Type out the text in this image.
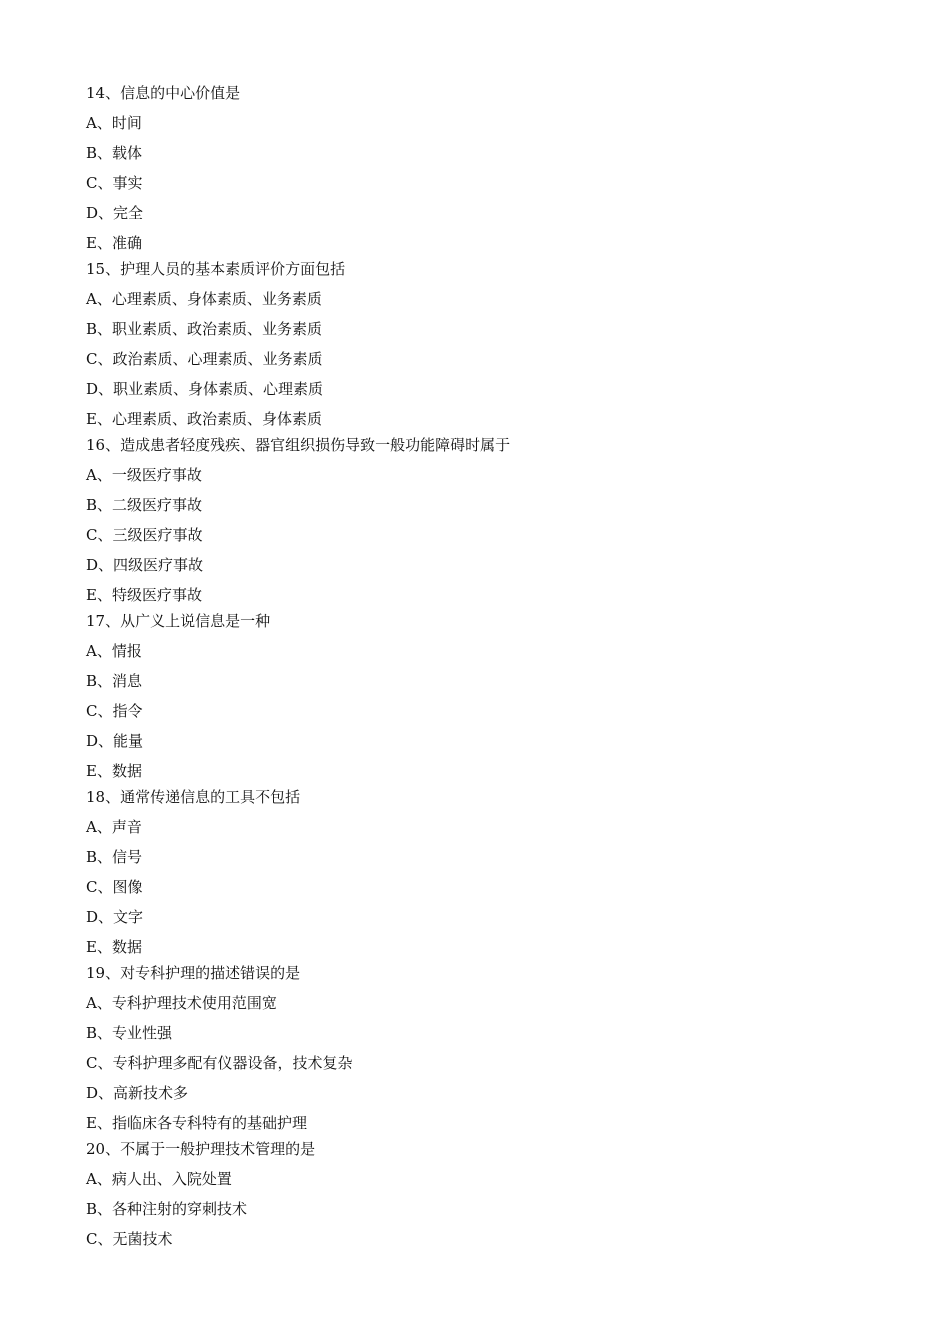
14、信息的中心价值是
A、时间
B、载体
C、事实
D、完全
E、准确
15、护理人员的基本素质评价方面包括
A、心理素质、身体素质、业务素质
B、职业素质、政治素质、业务素质
C、政治素质、心理素质、业务素质
D、职业素质、身体素质、心理素质
E、心理素质、政治素质、身体素质
16、造成患者轻度残疾、器官组织损伤导致一般功能障碍时属于
A、一级医疗事故
B、二级医疗事故
C、三级医疗事故
D、四级医疗事故
E、特级医疗事故
17、从广义上说信息是一种
A、情报
B、消息
C、指令
D、能量
E、数据
18、通常传递信息的工具不包括
A、声音
B、信号
C、图像
D、文字
E、数据
19、对专科护理的描述错误的是
A、专科护理技术使用范围宽
B、专业性强
C、专科护理多配有仪器设备，技术复杂
D、高新技术多
E、指临床各专科特有的基础护理
20、不属于一般护理技术管理的是
A、病人出、入院处置
B、各种注射的穿刺技术
C、无菌技术
